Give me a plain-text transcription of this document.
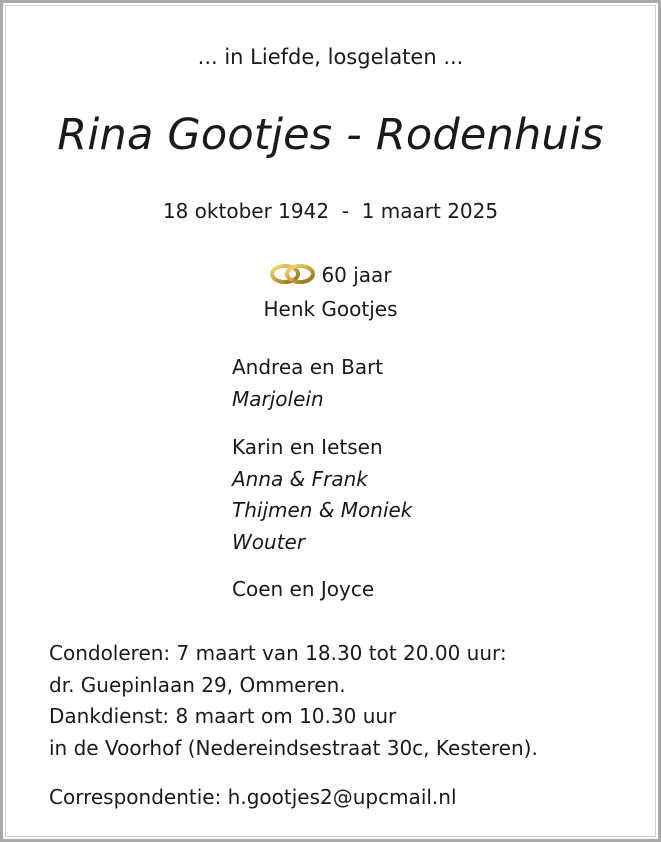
... in Liefde, losgelaten ...
Rina Gootjes - Rodenhuis
18 oktober 1942  -  1 maart 2025
60 jaar
Henk Gootjes
Andrea en Bart
Marjolein
Karin en Ietsen
Anna & Frank
Thijmen & Moniek
Wouter
Coen en Joyce
Condoleren: 7 maart van 18.30 tot 20.00 uur:
dr. Guepinlaan 29, Ommeren.
Dankdienst: 8 maart om 10.30 uur
in de Voorhof (Nedereindsestraat 30c, Kesteren).
Correspondentie: h.gootjes2@upcmail.nl
